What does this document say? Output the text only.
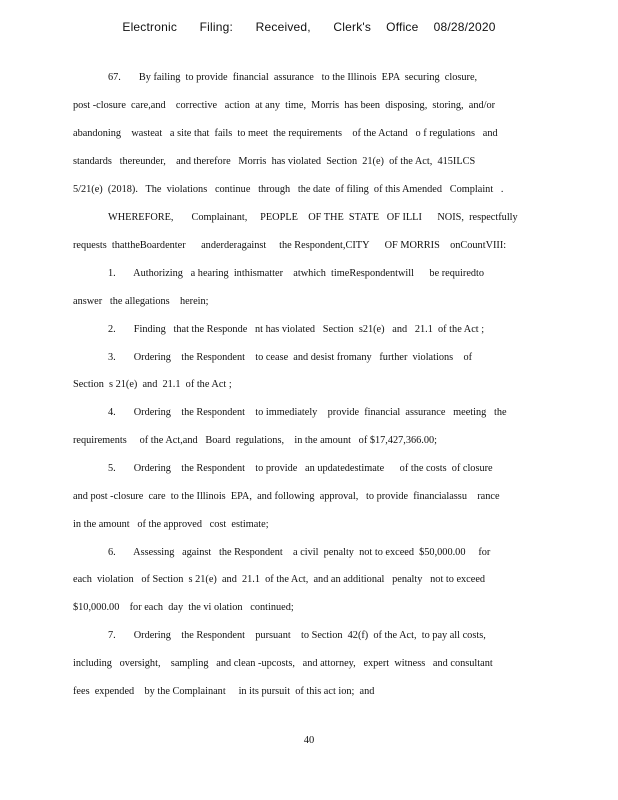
Electronic   Filing:   Received,   Clerk's  Office  08/28/2020
67.       By failing  to provide  financial  assurance   to the Illinois  EPA  securing  closure,
post -closure  care,and    corrective   action  at any  time,  Morris  has been  disposing,  storing,  and/or
abandoning    wasteat   a site that  fails  to meet  the requirements    of the Actand   o f regulations   and
standards   thereunder,    and therefore   Morris  has violated  Section  21(e)  of the Act,  415ILCS
5/21(e)  (2018).   The  violations   continue   through   the date  of filing  of this Amended   Complaint   .
WHEREFORE,       Complainant,     PEOPLE    OF THE  STATE   OF ILLI      NOIS,  respectfully
requests  thattheBoardenter      anderderagainst     the Respondent,CITY      OF MORRIS    onCountVIII:
1.       Authorizing   a hearing  inthismatter    atwhich  timeRespondentwill      be requiredto
answer   the allegations    herein;
2.       Finding   that the Responde   nt has violated   Section  s21(e)   and   21.1  of the Act ;
3.       Ordering    the Respondent    to cease  and desist fromany   further  violations    of
Section  s 21(e)  and  21.1  of the Act ;
4.       Ordering    the Respondent    to immediately    provide  financial  assurance   meeting   the
requirements     of the Act,and   Board  regulations,    in the amount   of $17,427,366.00;
5.       Ordering    the Respondent    to provide   an updatedestimate      of the costs  of closure
and post -closure  care  to the Illinois  EPA,  and following  approval,   to provide  financialassu    rance
in the amount   of the approved   cost  estimate;
6.       Assessing   against   the Respondent    a civil  penalty  not to exceed  $50,000.00     for
each  violation   of Section  s 21(e)  and  21.1  of the Act,  and an additional   penalty   not to exceed
$10,000.00    for each  day  the vi olation   continued;
7.       Ordering    the Respondent    pursuant    to Section  42(f)  of the Act,  to pay all costs,
including   oversight,    sampling   and clean -upcosts,   and attorney,   expert  witness   and consultant
fees  expended    by the Complainant     in its pursuit  of this act ion;  and
40
